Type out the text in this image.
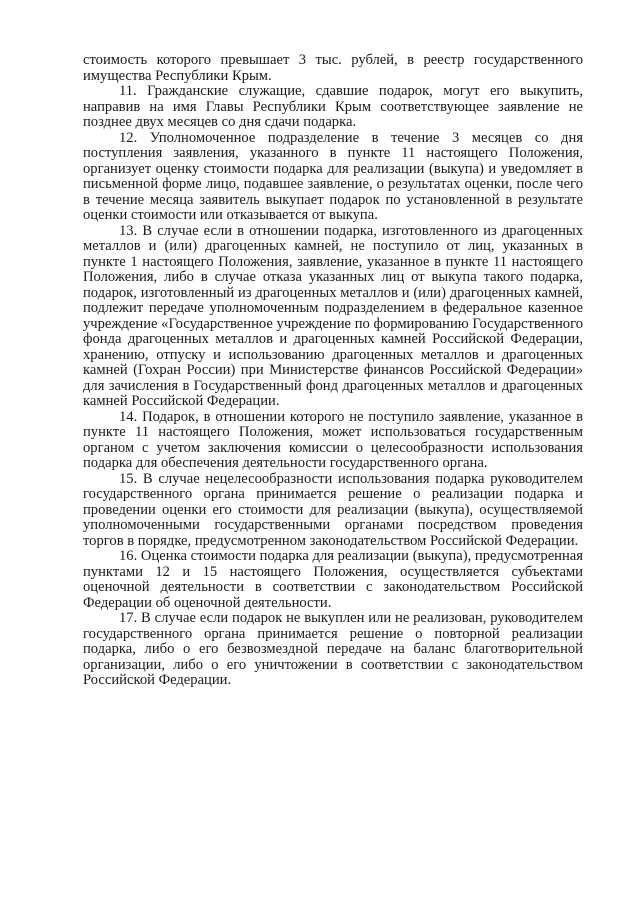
стоимость которого превышает 3 тыс. рублей, в реестр государственного имущества Республики Крым.

11. Гражданские служащие, сдавшие подарок, могут его выкупить, направив на имя Главы Республики Крым соответствующее заявление не позднее двух месяцев со дня сдачи подарка.

12. Уполномоченное подразделение в течение 3 месяцев со дня поступления заявления, указанного в пункте 11 настоящего Положения, организует оценку стоимости подарка для реализации (выкупа) и уведомляет в письменной форме лицо, подавшее заявление, о результатах оценки, после чего в течение месяца заявитель выкупает подарок по установленной в результате оценки стоимости или отказывается от выкупа.

13. В случае если в отношении подарка, изготовленного из драгоценных металлов и (или) драгоценных камней, не поступило от лиц, указанных в пункте 1 настоящего Положения, заявление, указанное в пункте 11 настоящего Положения, либо в случае отказа указанных лиц от выкупа такого подарка, подарок, изготовленный из драгоценных металлов и (или) драгоценных камней, подлежит передаче уполномоченным подразделением в федеральное казенное учреждение «Государственное учреждение по формированию Государственного фонда драгоценных металлов и драгоценных камней Российской Федерации, хранению, отпуску и использованию драгоценных металлов и драгоценных камней (Гохран России) при Министерстве финансов Российской Федерации» для зачисления в Государственный фонд драгоценных металлов и драгоценных камней Российской Федерации.

14. Подарок, в отношении которого не поступило заявление, указанное в пункте 11 настоящего Положения, может использоваться государственным органом с учетом заключения комиссии о целесообразности использования подарка для обеспечения деятельности государственного органа.

15. В случае нецелесообразности использования подарка руководителем государственного органа принимается решение о реализации подарка и проведении оценки его стоимости для реализации (выкупа), осуществляемой уполномоченными государственными органами посредством проведения торгов в порядке, предусмотренном законодательством Российской Федерации.

16. Оценка стоимости подарка для реализации (выкупа), предусмотренная пунктами 12 и 15 настоящего Положения, осуществляется субъектами оценочной деятельности в соответствии с законодательством Российской Федерации об оценочной деятельности.

17. В случае если подарок не выкуплен или не реализован, руководителем государственного органа принимается решение о повторной реализации подарка, либо о его безвозмездной передаче на баланс благотворительной организации, либо о его уничтожении в соответствии с законодательством Российской Федерации.
